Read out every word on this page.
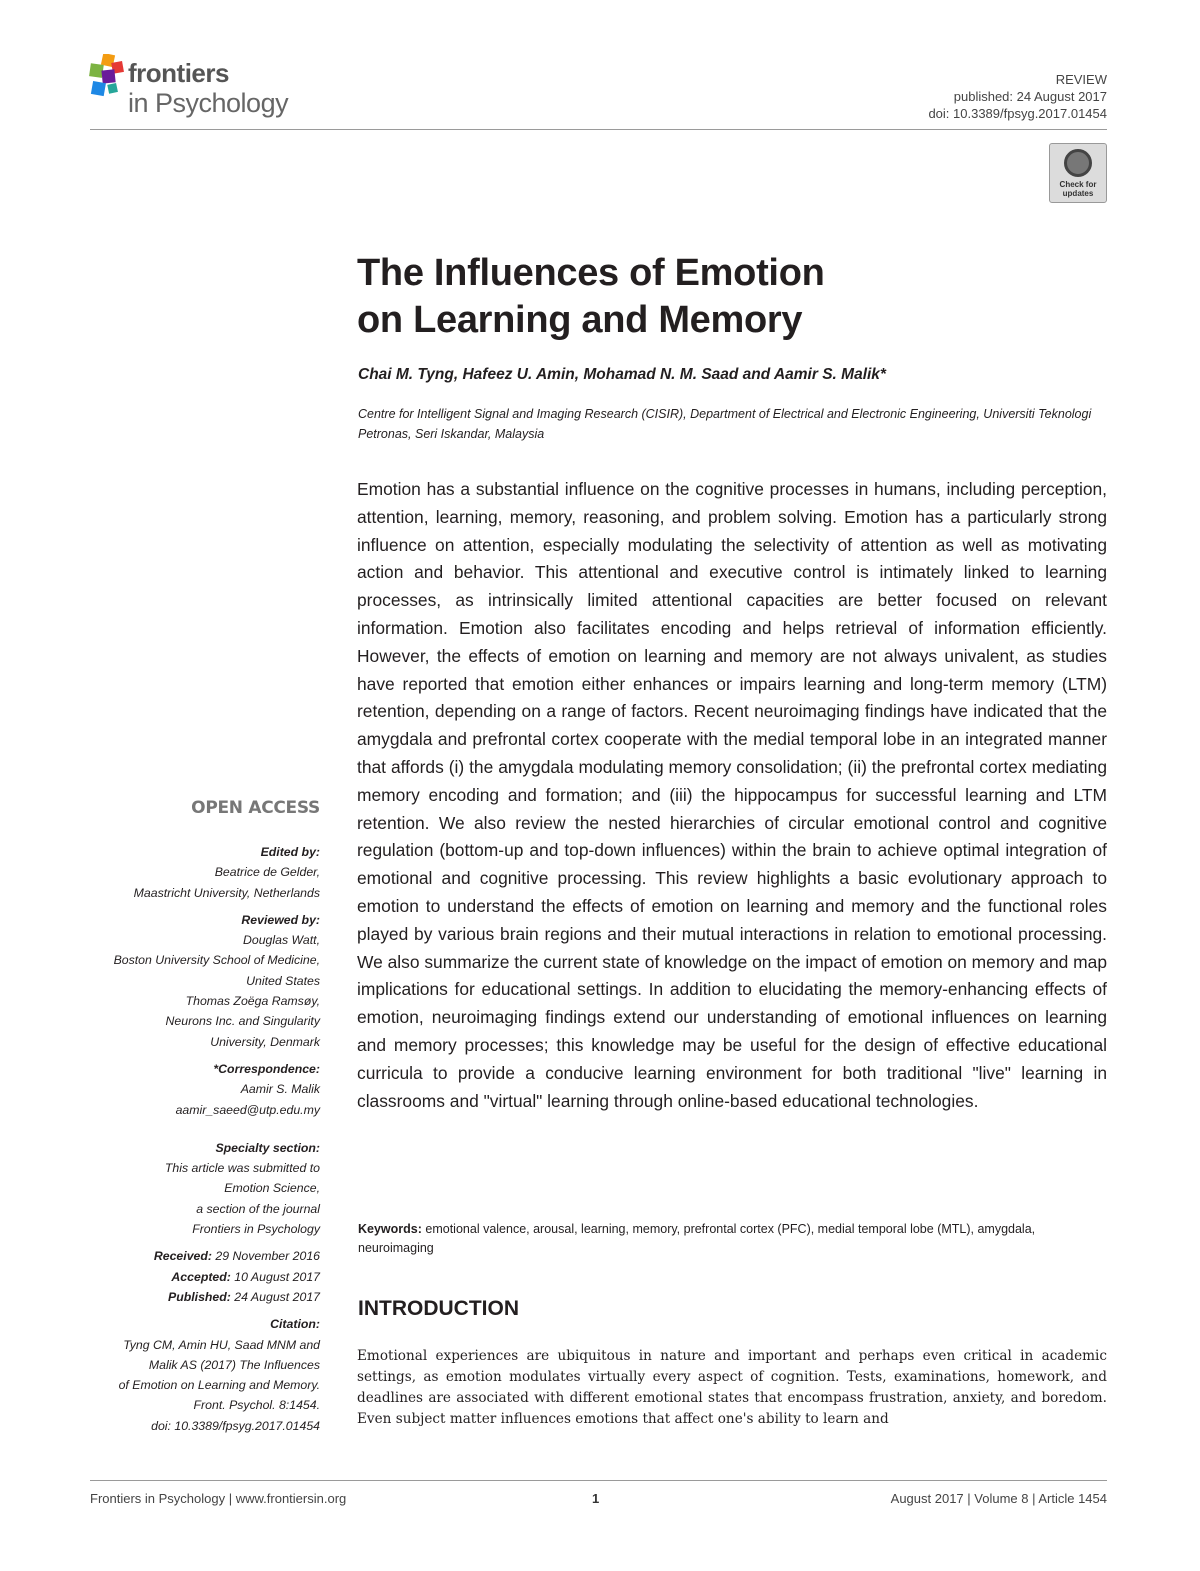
frontiers
in Psychology
REVIEW
published: 24 August 2017
doi: 10.3389/fpsyg.2017.01454
Check for updates
The Influences of Emotion
on Learning and Memory
Chai M. Tyng, Hafeez U. Amin, Mohamad N. M. Saad and Aamir S. Malik*
Centre for Intelligent Signal and Imaging Research (CISIR), Department of Electrical and Electronic Engineering, Universiti Teknologi Petronas, Seri Iskandar, Malaysia

Emotion has a substantial influence on the cognitive processes in humans, including perception, attention, learning, memory, reasoning, and problem solving. Emotion has a particularly strong influence on attention, especially modulating the selectivity of attention as well as motivating action and behavior. This attentional and executive control is intimately linked to learning processes, as intrinsically limited attentional capacities are better focused on relevant information. Emotion also facilitates encoding and helps retrieval of information efficiently. However, the effects of emotion on learning and memory are not always univalent, as studies have reported that emotion either enhances or impairs learning and long-term memory (LTM) retention, depending on a range of factors. Recent neuroimaging findings have indicated that the amygdala and prefrontal cortex cooperate with the medial temporal lobe in an integrated manner that affords (i) the amygdala modulating memory consolidation; (ii) the prefrontal cortex mediating memory encoding and formation; and (iii) the hippocampus for successful learning and LTM retention. We also review the nested hierarchies of circular emotional control and cognitive regulation (bottom-up and top-down influences) within the brain to achieve optimal integration of emotional and cognitive processing. This review highlights a basic evolutionary approach to emotion to understand the effects of emotion on learning and memory and the functional roles played by various brain regions and their mutual interactions in relation to emotional processing. We also summarize the current state of knowledge on the impact of emotion on memory and map implications for educational settings. In addition to elucidating the memory-enhancing effects of emotion, neuroimaging findings extend our understanding of emotional influences on learning and memory processes; this knowledge may be useful for the design of effective educational curricula to provide a conducive learning environment for both traditional "live" learning in classrooms and "virtual" learning through online-based educational technologies.

Keywords: emotional valence, arousal, learning, memory, prefrontal cortex (PFC), medial temporal lobe (MTL), amygdala, neuroimaging
INTRODUCTION

Emotional experiences are ubiquitous in nature and important and perhaps even critical in academic settings, as emotion modulates virtually every aspect of cognition. Tests, examinations, homework, and deadlines are associated with different emotional states that encompass frustration, anxiety, and boredom. Even subject matter influences emotions that affect one's ability to learn and

OPEN ACCESS
Edited by:
Beatrice de Gelder,
Maastricht University, Netherlands
Reviewed by:
Douglas Watt,
Boston University School of Medicine,
United States
Thomas Zoëga Ramsøy,
Neurons Inc. and Singularity
University, Denmark
*Correspondence:
Aamir S. Malik
aamir_saeed@utp.edu.my
Specialty section:
This article was submitted to
Emotion Science,
a section of the journal
Frontiers in Psychology
Received: 29 November 2016
Accepted: 10 August 2017
Published: 24 August 2017
Citation:
Tyng CM, Amin HU, Saad MNM and
Malik AS (2017) The Influences
of Emotion on Learning and Memory.
Front. Psychol. 8:1454.
doi: 10.3389/fpsyg.2017.01454
Frontiers in Psychology | www.frontiersin.org	1	August 2017 | Volume 8 | Article 1454
